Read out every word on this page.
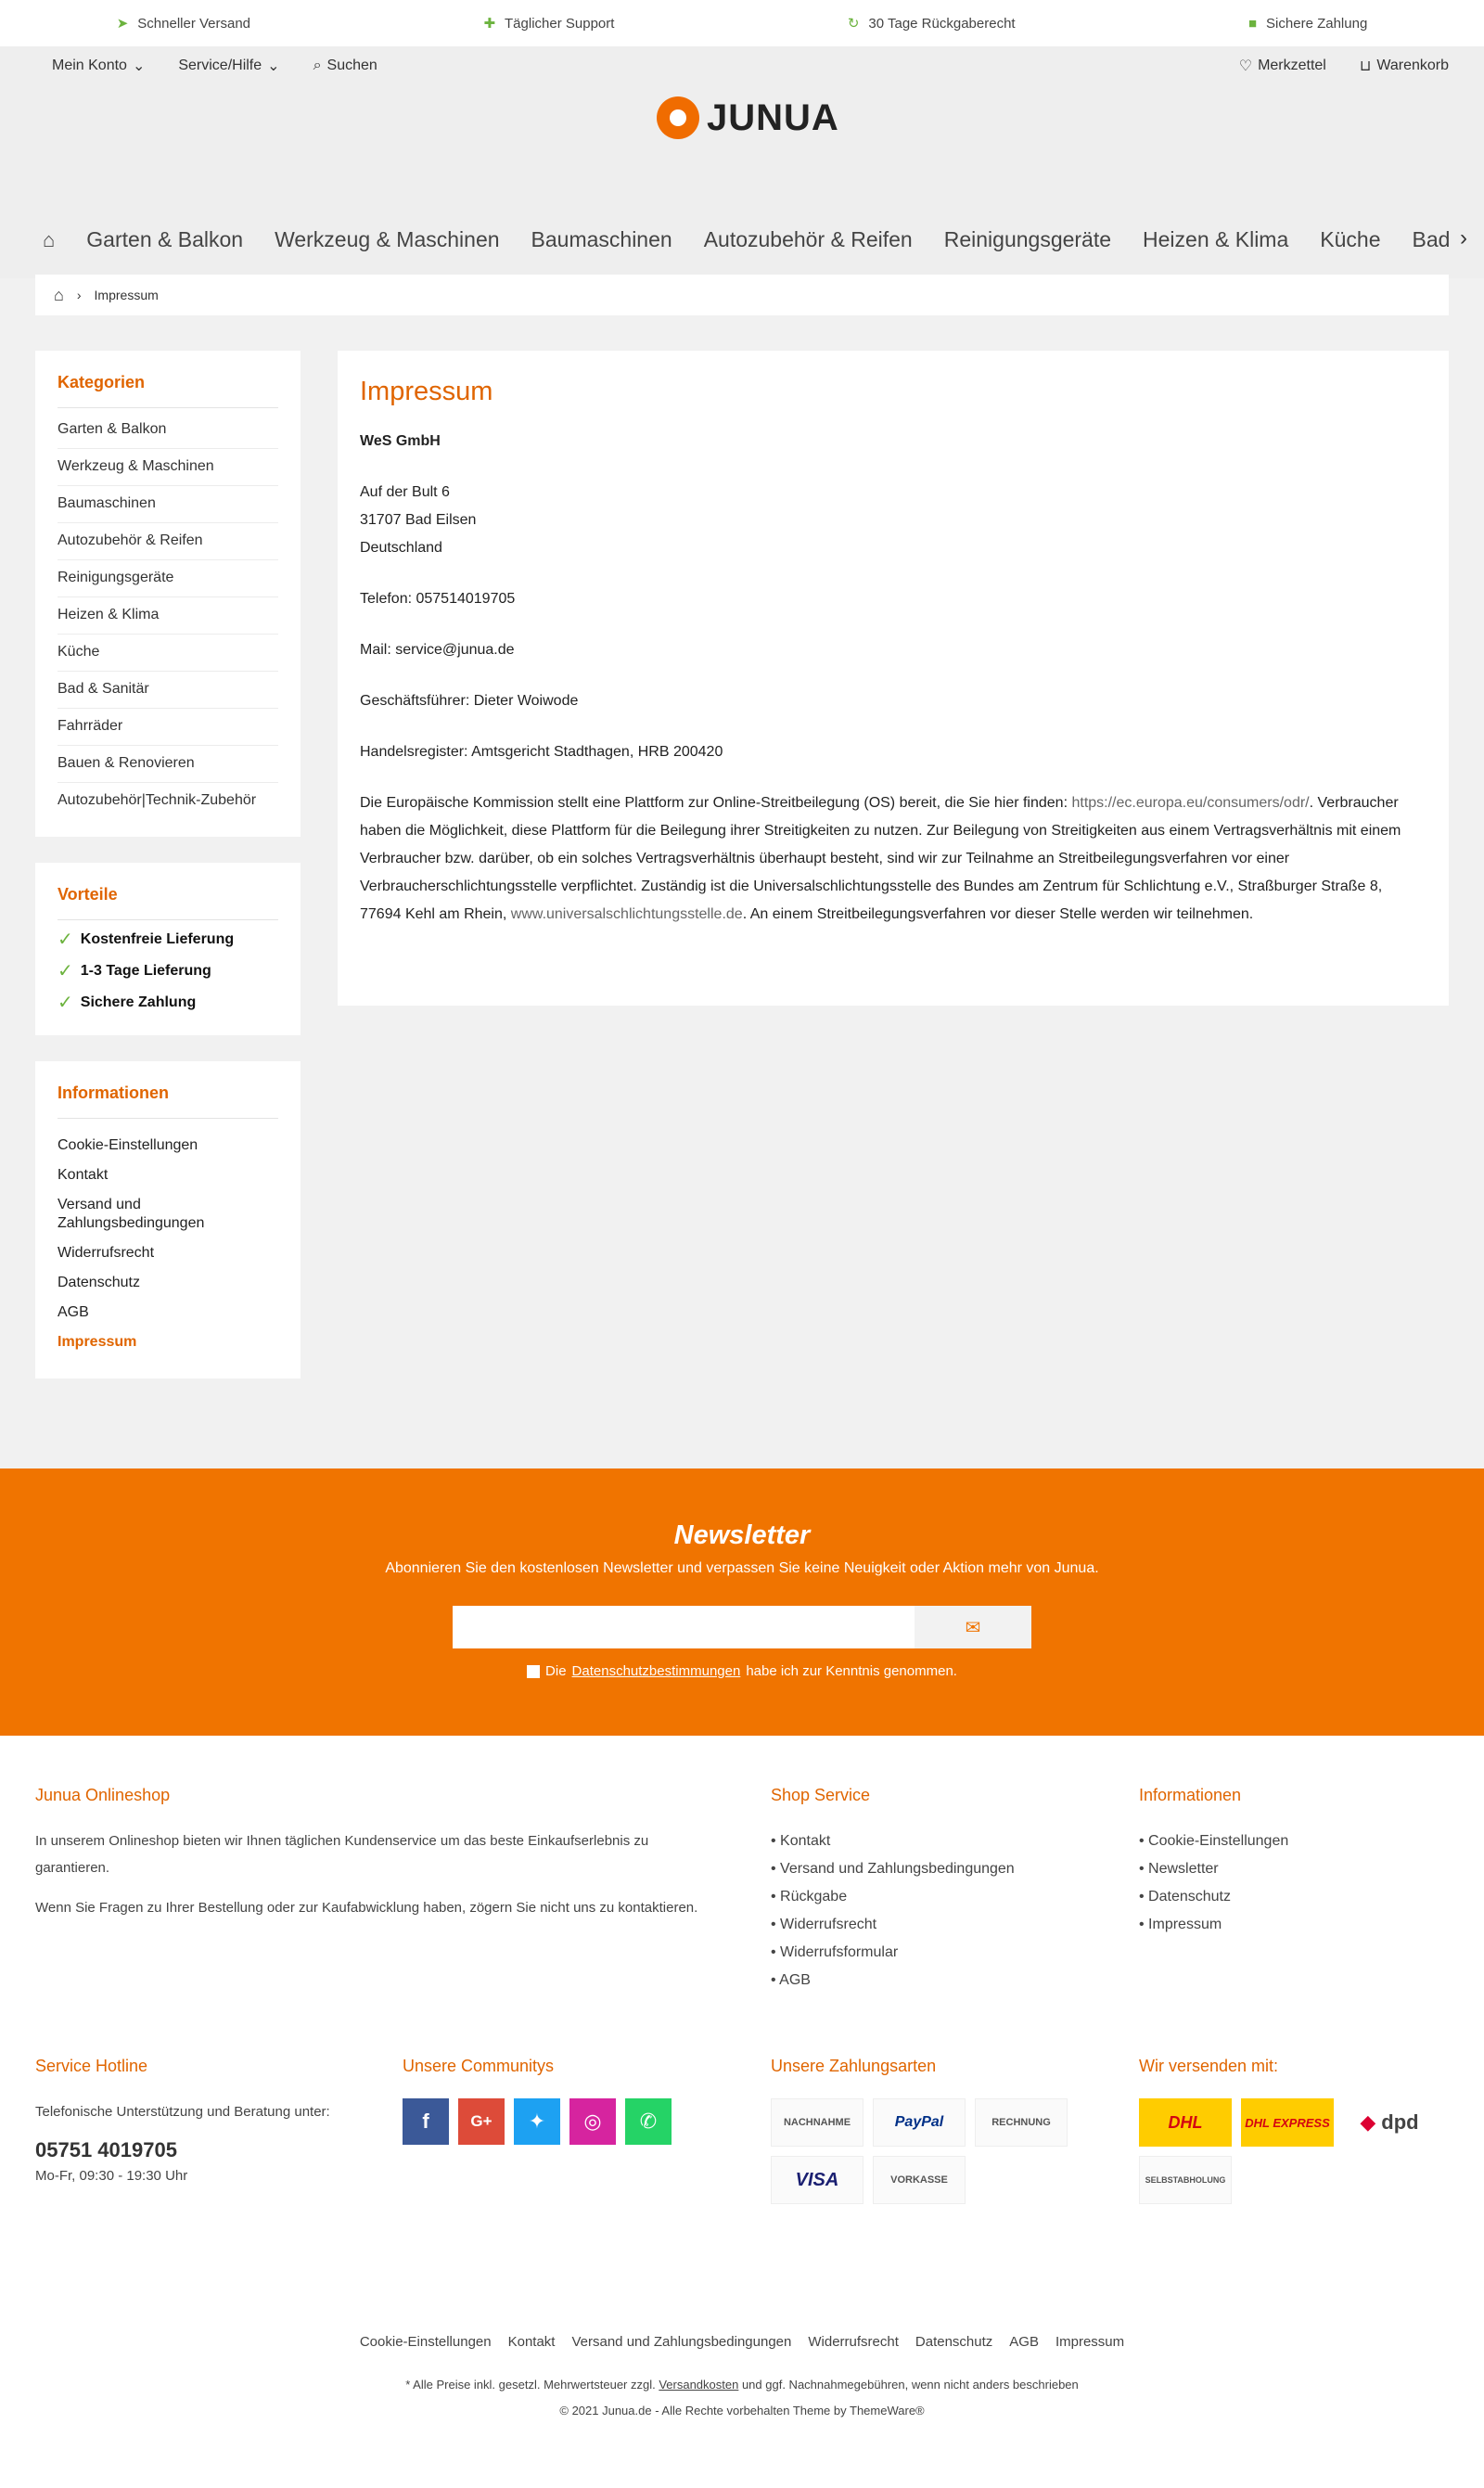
➤ Schneller Versand	✚ Täglicher Support	↻ 30 Tage Rückgaberecht	■ Sichere Zahlung
Mein Konto ⌄ Service/Hilfe ⌄ ⌕ Suchen	♡ Merkzettel ⊔ Warenkorb
JUNUA
⌂ Garten & Balkon Werkzeug & Maschinen Baumaschinen Autozubehör & Reifen Reinigungsgeräte Heizen & Klima Küche Bad ›
⌂ › Impressum
Kategorien
Garten & Balkon
Werkzeug & Maschinen
Baumaschinen
Autozubehör & Reifen
Reinigungsgeräte
Heizen & Klima
Küche
Bad & Sanitär
Fahrräder
Bauen & Renovieren
Autozubehör|Technik-Zubehör
Vorteile
✓ Kostenfreie Lieferung
✓ 1-3 Tage Lieferung
✓ Sichere Zahlung
Informationen
Cookie-Einstellungen
Kontakt
Versand und Zahlungsbedingungen
Widerrufsrecht
Datenschutz
AGB
Impressum
Impressum

WeS GmbH

Auf der Bult 6
31707 Bad Eilsen
Deutschland

Telefon: 057514019705

Mail: service@junua.de

Geschäftsführer: Dieter Woiwode

Handelsregister: Amtsgericht Stadthagen, HRB 200420

Die Europäische Kommission stellt eine Plattform zur Online-Streitbeilegung (OS) bereit, die Sie hier finden: https://ec.europa.eu/consumers/odr/. Verbraucher haben die Möglichkeit, diese Plattform für die Beilegung ihrer Streitigkeiten zu nutzen. Zur Beilegung von Streitigkeiten aus einem Vertragsverhältnis mit einem Verbraucher bzw. darüber, ob ein solches Vertragsverhältnis überhaupt besteht, sind wir zur Teilnahme an Streitbeilegungsverfahren vor einer Verbraucherschlichtungsstelle verpflichtet. Zuständig ist die Universalschlichtungsstelle des Bundes am Zentrum für Schlichtung e.V., Straßburger Straße 8, 77694 Kehl am Rhein, www.universalschlichtungsstelle.de. An einem Streitbeilegungsverfahren vor dieser Stelle werden wir teilnehmen.

Newsletter
Abonnieren Sie den kostenlosen Newsletter und verpassen Sie keine Neuigkeit oder Aktion mehr von Junua.
✉
Die Datenschutzbestimmungen habe ich zur Kenntnis genommen.
Junua Onlineshop

In unserem Onlineshop bieten wir Ihnen täglichen Kundenservice um das beste Einkaufserlebnis zu garantieren.

Wenn Sie Fragen zu Ihrer Bestellung oder zur Kaufabwicklung haben, zögern Sie nicht uns zu kontaktieren.

Shop Service
• Kontakt
• Versand und Zahlungsbedingungen
• Rückgabe
• Widerrufsrecht
• Widerrufsformular
• AGB
Informationen
• Cookie-Einstellungen
• Newsletter
• Datenschutz
• Impressum
Service Hotline

Telefonische Unterstützung und Beratung unter:

05751 4019705

Mo-Fr, 09:30 - 19:30 Uhr

Unsere Communitys
f	G+	✦	◎	✆
Unsere Zahlungsarten
NACHNAHME	PayPal	RECHNUNG
VISA	VORKASSE
Wir versenden mit:
DHL	DHL EXPRESS ◆ dpd
SELBSTABHOLUNG
Cookie-Einstellungen Kontakt Versand und Zahlungsbedingungen Widerrufsrecht Datenschutz AGB Impressum
* Alle Preise inkl. gesetzl. Mehrwertsteuer zzgl. Versandkosten und ggf. Nachnahmegebühren, wenn nicht anders beschrieben
© 2021 Junua.de - Alle Rechte vorbehalten Theme by ThemeWare®
